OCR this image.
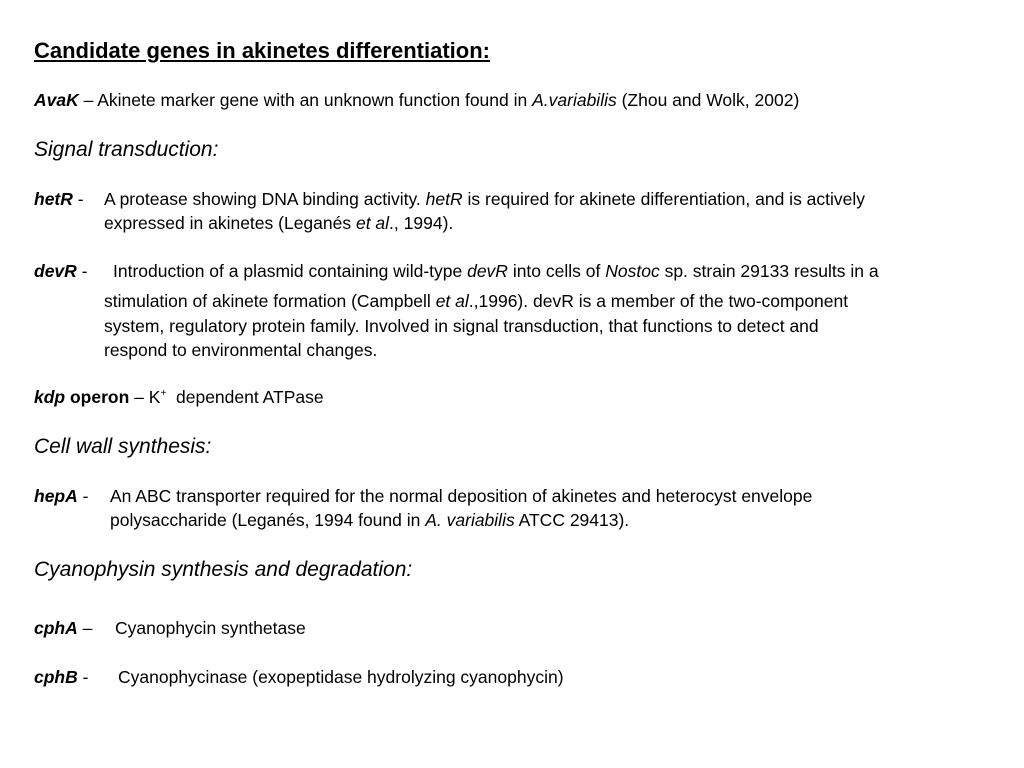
Candidate genes in akinetes differentiation:
AvaK – Akinete marker gene with an unknown function found in A.variabilis (Zhou and Wolk, 2002)
Signal transduction:
hetR - A protease showing DNA binding activity. hetR is required for akinete differentiation, and is actively
expressed in akinetes (Leganés et al., 1994).
devR - Introduction of a plasmid containing wild-type devR into cells of Nostoc sp. strain 29133 results in a
stimulation of akinete formation (Campbell et al.,1996). devR is a member of the two-component
system, regulatory protein family. Involved in signal transduction, that functions to detect and
respond to environmental changes.
kdp operon – K+  dependent ATPase
Cell wall synthesis:
hepA - An ABC transporter required for the normal deposition of akinetes and heterocyst envelope
polysaccharide (Leganés, 1994 found in A. variabilis ATCC 29413).
Cyanophysin synthesis and degradation:
cphA – Cyanophycin synthetase
cphB - Cyanophycinase (exopeptidase hydrolyzing cyanophycin)
